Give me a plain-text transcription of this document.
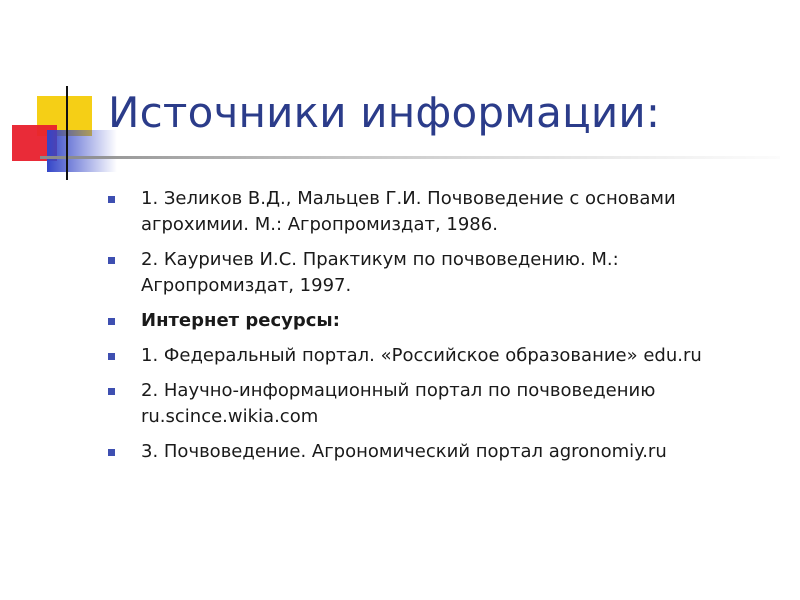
Источники информации:
1. Зеликов В.Д., Мальцев Г.И. Почвоведение с основами агрохимии. М.: Агропромиздат, 1986.
2. Кауричев И.С. Практикум по почвоведению. М.: Агропромиздат, 1997.
Интернет ресурсы:
1. Федеральный портал. «Российское образование» edu.ru
2. Научно-информационный портал по почвоведению ru.scince.wikia.com
3. Почвоведение. Агрономический портал agronomiy.ru
